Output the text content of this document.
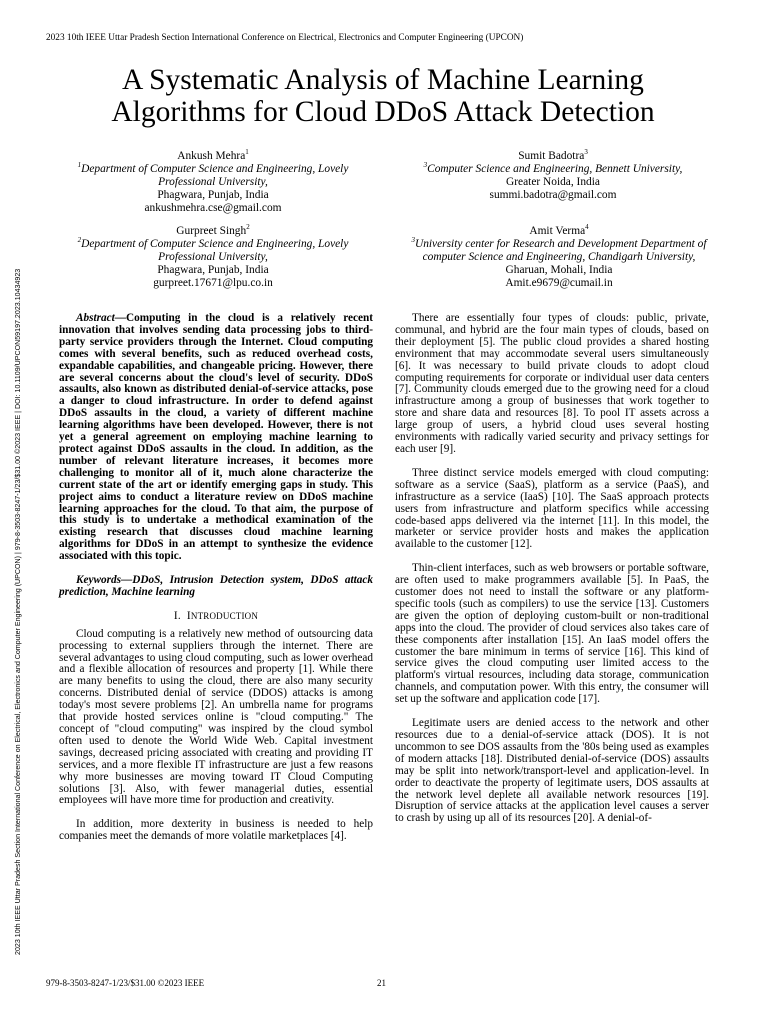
2023 10th IEEE Uttar Pradesh Section International Conference on Electrical, Electronics and Computer Engineering (UPCON)
2023 10th IEEE Uttar Pradesh Section International Conference on Electrical, Electronics and Computer Engineering (UPCON) | 979-8-3503-8247-1/23/$31.00 ©2023 IEEE | DOI: 10.1109/UPCON59197.2023.10434923
A Systematic Analysis of Machine Learning
Algorithms for Cloud DDoS Attack Detection
Ankush Mehra$^1$
$^1$Department of Computer Science and Engineering, Lovely
Professional University,
Phagwara, Punjab, India
ankushmehra.cse@gmail.com
Sumit Badotra$^3$
$^3$Computer Science and Engineering, Bennett University,
Greater Noida, India
summi.badotra@gmail.com
Gurpreet Singh$^2$
$^2$Department of Computer Science and Engineering, Lovely
Professional University,
Phagwara, Punjab, India
gurpreet.17671@lpu.co.in
Amit Verma$^4$
$^3$University center for Research and Development Department of
computer Science and Engineering, Chandigarh University,
Gharuan, Mohali, India
Amit.e9679@cumail.in

Abstract—Computing in the cloud is a relatively recent innovation that involves sending data processing jobs to third-party service providers through the Internet. Cloud computing comes with several benefits, such as reduced overhead costs, expandable capabilities, and changeable pricing. However, there are several concerns about the cloud's level of security. DDoS assaults, also known as distributed denial-of-service attacks, pose a danger to cloud infrastructure. In order to defend against DDoS assaults in the cloud, a variety of different machine learning algorithms have been developed. However, there is not yet a general agreement on employing machine learning to protect against DDoS assaults in the cloud. In addition, as the number of relevant literature increases, it becomes more challenging to monitor all of it, much alone characterize the current state of the art or identify emerging gaps in study. This project aims to conduct a literature review on DDoS machine learning approaches for the cloud. To that aim, the purpose of this study is to undertake a methodical examination of the existing research that discusses cloud machine learning algorithms for DDoS in an attempt to synthesize the evidence associated with this topic.

Keywords—DDoS, Intrusion Detection system, DDoS attack prediction, Machine learning

I. INTRODUCTION

Cloud computing is a relatively new method of outsourcing data processing to external suppliers through the internet. There are several advantages to using cloud computing, such as lower overhead and a flexible allocation of resources and property [1]. While there are many benefits to using the cloud, there are also many security concerns. Distributed denial of service (DDOS) attacks is among today's most severe problems [2]. An umbrella name for programs that provide hosted services online is "cloud computing." The concept of "cloud computing" was inspired by the cloud symbol often used to denote the World Wide Web. Capital investment savings, decreased pricing associated with creating and providing IT services, and a more flexible IT infrastructure are just a few reasons why more businesses are moving toward IT Cloud Computing solutions [3]. Also, with fewer managerial duties, essential employees will have more time for production and creativity.

In addition, more dexterity in business is needed to help companies meet the demands of more volatile marketplaces [4].

There are essentially four types of clouds: public, private, communal, and hybrid are the four main types of clouds, based on their deployment [5]. The public cloud provides a shared hosting environment that may accommodate several users simultaneously [6]. It was necessary to build private clouds to adopt cloud computing requirements for corporate or individual user data centers [7]. Community clouds emerged due to the growing need for a cloud infrastructure among a group of businesses that work together to store and share data and resources [8]. To pool IT assets across a large group of users, a hybrid cloud uses several hosting environments with radically varied security and privacy settings for each user [9].

Three distinct service models emerged with cloud computing: software as a service (SaaS), platform as a service (PaaS), and infrastructure as a service (IaaS) [10]. The SaaS approach protects users from infrastructure and platform specifics while accessing code-based apps delivered via the internet [11]. In this model, the marketer or service provider hosts and makes the application available to the customer [12].

Thin-client interfaces, such as web browsers or portable software, are often used to make programmers available [5]. In PaaS, the customer does not need to install the software or any platform-specific tools (such as compilers) to use the service [13]. Customers are given the option of deploying custom-built or non-traditional apps into the cloud. The provider of cloud services also takes care of these components after installation [15]. An IaaS model offers the customer the bare minimum in terms of service [16]. This kind of service gives the cloud computing user limited access to the platform's virtual resources, including data storage, communication channels, and computation power. With this entry, the consumer will set up the software and application code [17].

Legitimate users are denied access to the network and other resources due to a denial-of-service attack (DOS). It is not uncommon to see DOS assaults from the '80s being used as examples of modern attacks [18]. Distributed denial-of-service (DOS) assaults may be split into network/transport-level and application-level. In order to deactivate the property of legitimate users, DOS assaults at the network level deplete all available network resources [19]. Disruption of service attacks at the application level causes a server to crash by using up all of its resources [20]. A denial-of-

979-8-3503-8247-1/23/$31.00 ©2023 IEEE	21
